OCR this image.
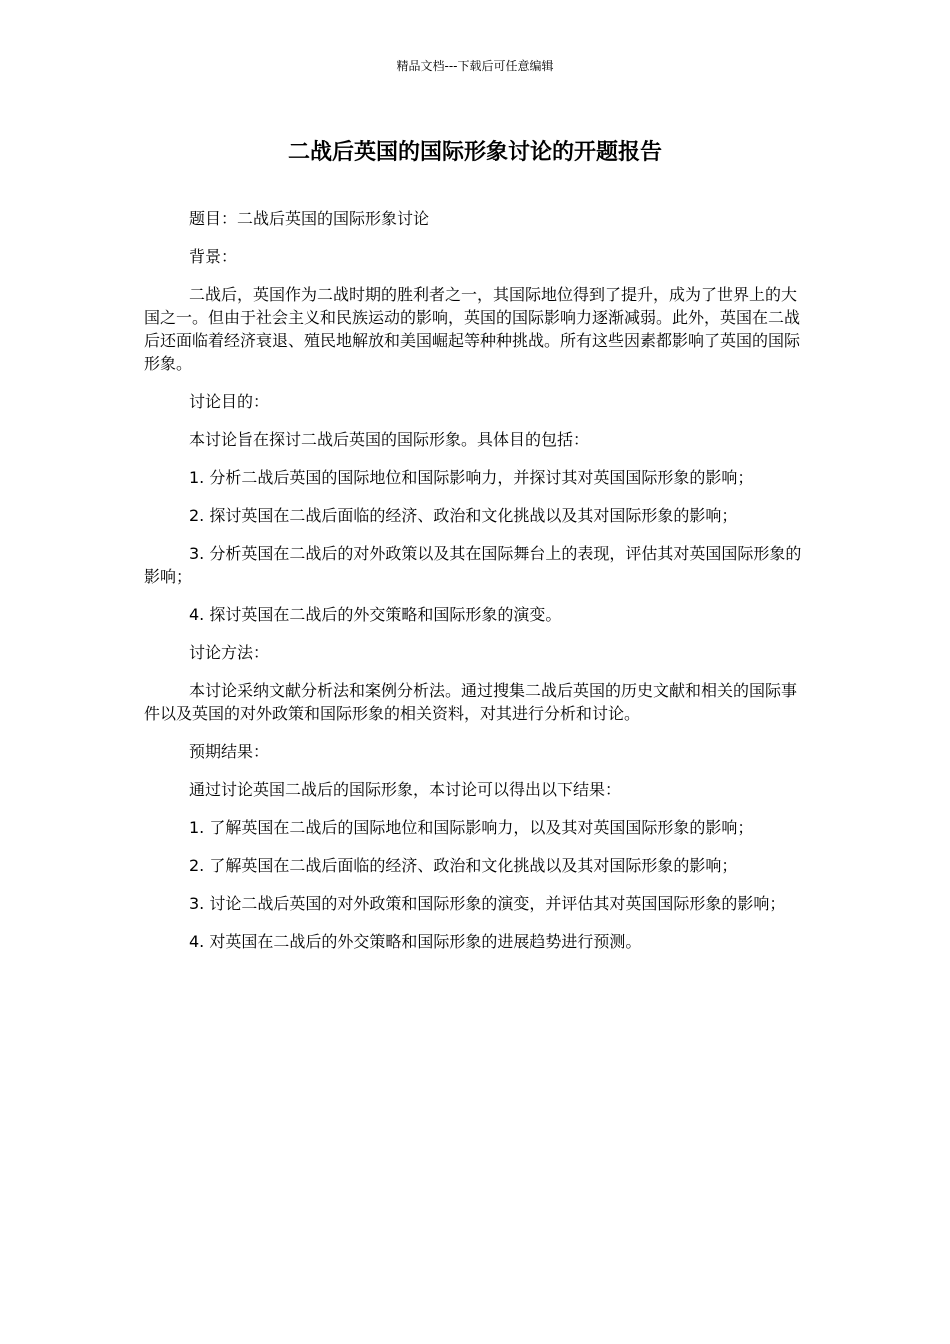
精品文档---下载后可任意编辑
二战后英国的国际形象讨论的开题报告

题目：二战后英国的国际形象讨论

背景：

二战后，英国作为二战时期的胜利者之一，其国际地位得到了提升，成为了世界上的大国之一。但由于社会主义和民族运动的影响，英国的国际影响力逐渐减弱。此外，英国在二战后还面临着经济衰退、殖民地解放和美国崛起等种种挑战。所有这些因素都影响了英国的国际形象。

讨论目的：

本讨论旨在探讨二战后英国的国际形象。具体目的包括：

1. 分析二战后英国的国际地位和国际影响力，并探讨其对英国国际形象的影响；

2. 探讨英国在二战后面临的经济、政治和文化挑战以及其对国际形象的影响；

3. 分析英国在二战后的对外政策以及其在国际舞台上的表现，评估其对英国国际形象的影响；

4. 探讨英国在二战后的外交策略和国际形象的演变。

讨论方法：

本讨论采纳文献分析法和案例分析法。通过搜集二战后英国的历史文献和相关的国际事件以及英国的对外政策和国际形象的相关资料，对其进行分析和讨论。

预期结果：

通过讨论英国二战后的国际形象，本讨论可以得出以下结果：

1. 了解英国在二战后的国际地位和国际影响力，以及其对英国国际形象的影响；

2. 了解英国在二战后面临的经济、政治和文化挑战以及其对国际形象的影响；

3. 讨论二战后英国的对外政策和国际形象的演变，并评估其对英国国际形象的影响；

4. 对英国在二战后的外交策略和国际形象的进展趋势进行预测。
